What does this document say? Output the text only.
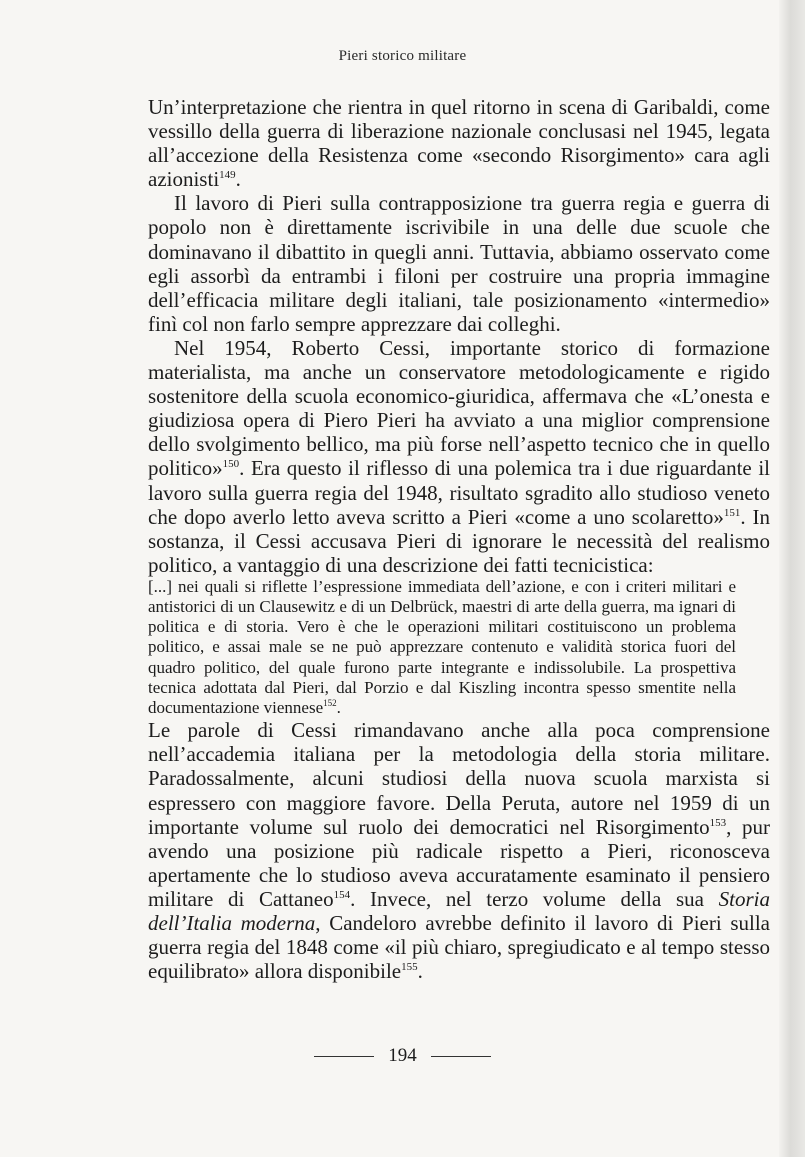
Pieri storico militare

Un’interpretazione che rientra in quel ritorno in scena di Garibaldi, come vessillo della guerra di liberazione nazionale conclusasi nel 1945, legata all’accezione della Resistenza come «secondo Risorgimento» cara agli azionisti$^{149}$.

Il lavoro di Pieri sulla contrapposizione tra guerra regia e guerra di popolo non è direttamente iscrivibile in una delle due scuole che dominavano il dibattito in quegli anni. Tuttavia, abbiamo osservato come egli assorbì da entrambi i filoni per costruire una propria immagine dell’efficacia militare degli italiani, tale posizionamento «intermedio» finì col non farlo sempre apprezzare dai colleghi.

Nel 1954, Roberto Cessi, importante storico di formazione materialista, ma anche un conservatore metodologicamente e rigido sostenitore della scuola economico-giuridica, affermava che «L’onesta e giudiziosa opera di Piero Pieri ha avviato a una miglior comprensione dello svolgimento bellico, ma più forse nell’aspetto tecnico che in quello politico»$^{150}$. Era questo il riflesso di una polemica tra i due riguardante il lavoro sulla guerra regia del 1948, risultato sgradito allo studioso veneto che dopo averlo letto aveva scritto a Pieri «come a uno scolaretto»$^{151}$. In sostanza, il Cessi accusava Pieri di ignorare le necessità del realismo politico, a vantaggio di una descrizione dei fatti tecnicistica:

[...] nei quali si riflette l’espressione immediata dell’azione, e con i criteri militari e antistorici di un Clausewitz e di un Delbrück, maestri di arte della guerra, ma ignari di politica e di storia. Vero è che le operazioni militari costituiscono un problema politico, e assai male se ne può apprezzare contenuto e validità storica fuori del quadro politico, del quale furono parte integrante e indissolubile. La prospettiva tecnica adottata dal Pieri, dal Porzio e dal Kiszling incontra spesso smentite nella documentazione viennese$^{152}$.

Le parole di Cessi rimandavano anche alla poca comprensione nell’accademia italiana per la metodologia della storia militare. Paradossalmente, alcuni studiosi della nuova scuola marxista si espressero con maggiore favore. Della Peruta, autore nel 1959 di un importante volume sul ruolo dei democratici nel Risorgimento$^{153}$, pur avendo una posizione più radicale rispetto a Pieri, riconosceva apertamente che lo studioso aveva accuratamente esaminato il pensiero militare di Cattaneo$^{154}$. Invece, nel terzo volume della sua Storia dell’Italia moderna, Candeloro avrebbe definito il lavoro di Pieri sulla guerra regia del 1848 come «il più chiaro, spregiudicato e al tempo stesso equilibrato» allora disponibile$^{155}$.

194
